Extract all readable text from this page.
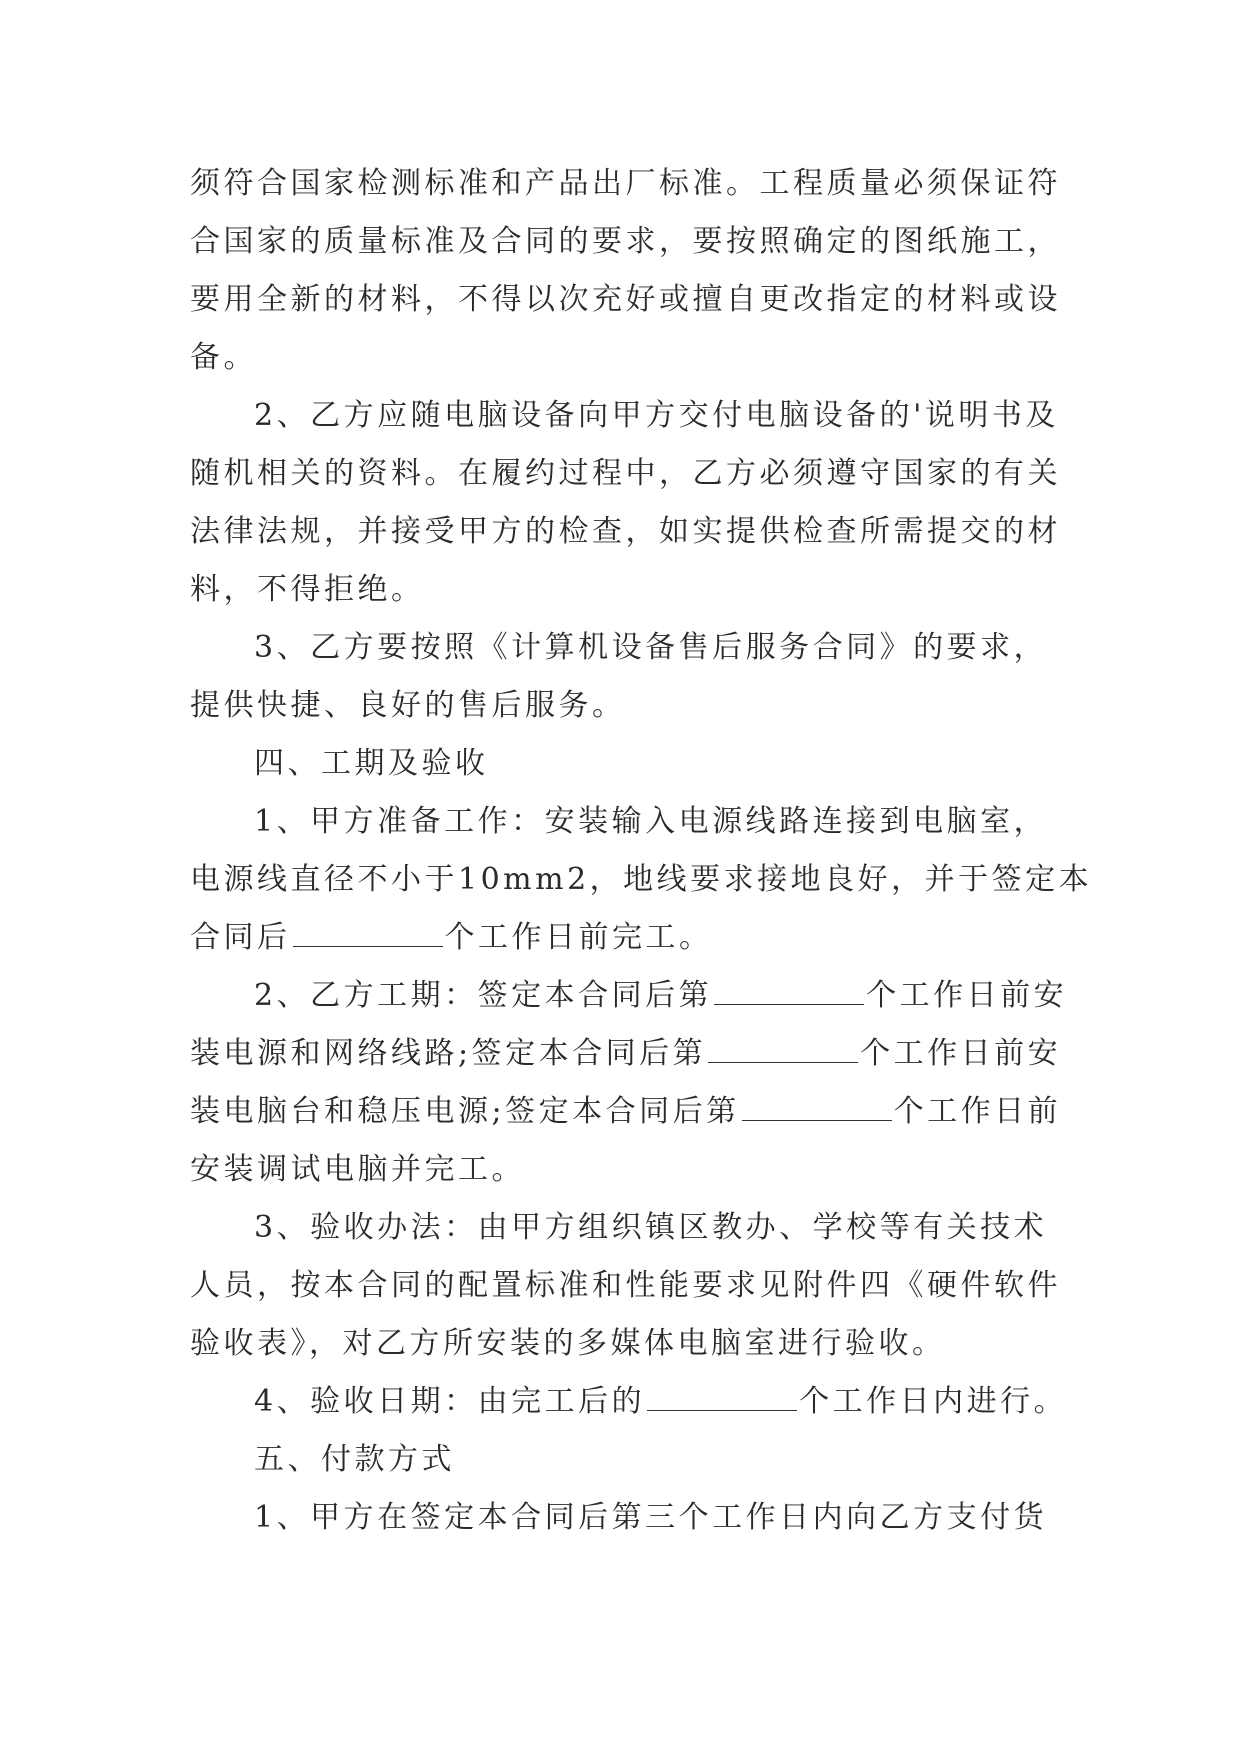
须符合国家检测标准和产品出厂标准。工程质量必须保证符
合国家的质量标准及合同的要求，要按照确定的图纸施工，
要用全新的材料，不得以次充好或擅自更改指定的材料或设
备。
2、乙方应随电脑设备向甲方交付电脑设备的'说明书及
随机相关的资料。在履约过程中，乙方必须遵守国家的有关
法律法规，并接受甲方的检查，如实提供检查所需提交的材
料，不得拒绝。
3、乙方要按照《计算机设备售后服务合同》的要求，
提供快捷、良好的售后服务。
四、工期及验收
1、甲方准备工作：安装输入电源线路连接到电脑室，
电源线直径不小于10mm2，地线要求接地良好，并于签定本
合同后	个工作日前完工。
2、乙方工期：签定本合同后第	个工作日前安
装电源和网络线路;签定本合同后第	个工作日前安
装电脑台和稳压电源;签定本合同后第	个工作日前
安装调试电脑并完工。
3、验收办法：由甲方组织镇区教办、学校等有关技术
人员，按本合同的配置标准和性能要求见附件四《硬件软件
验收表》，对乙方所安装的多媒体电脑室进行验收。
4、验收日期：由完工后的	个工作日内进行。
五、付款方式
1、甲方在签定本合同后第三个工作日内向乙方支付货
